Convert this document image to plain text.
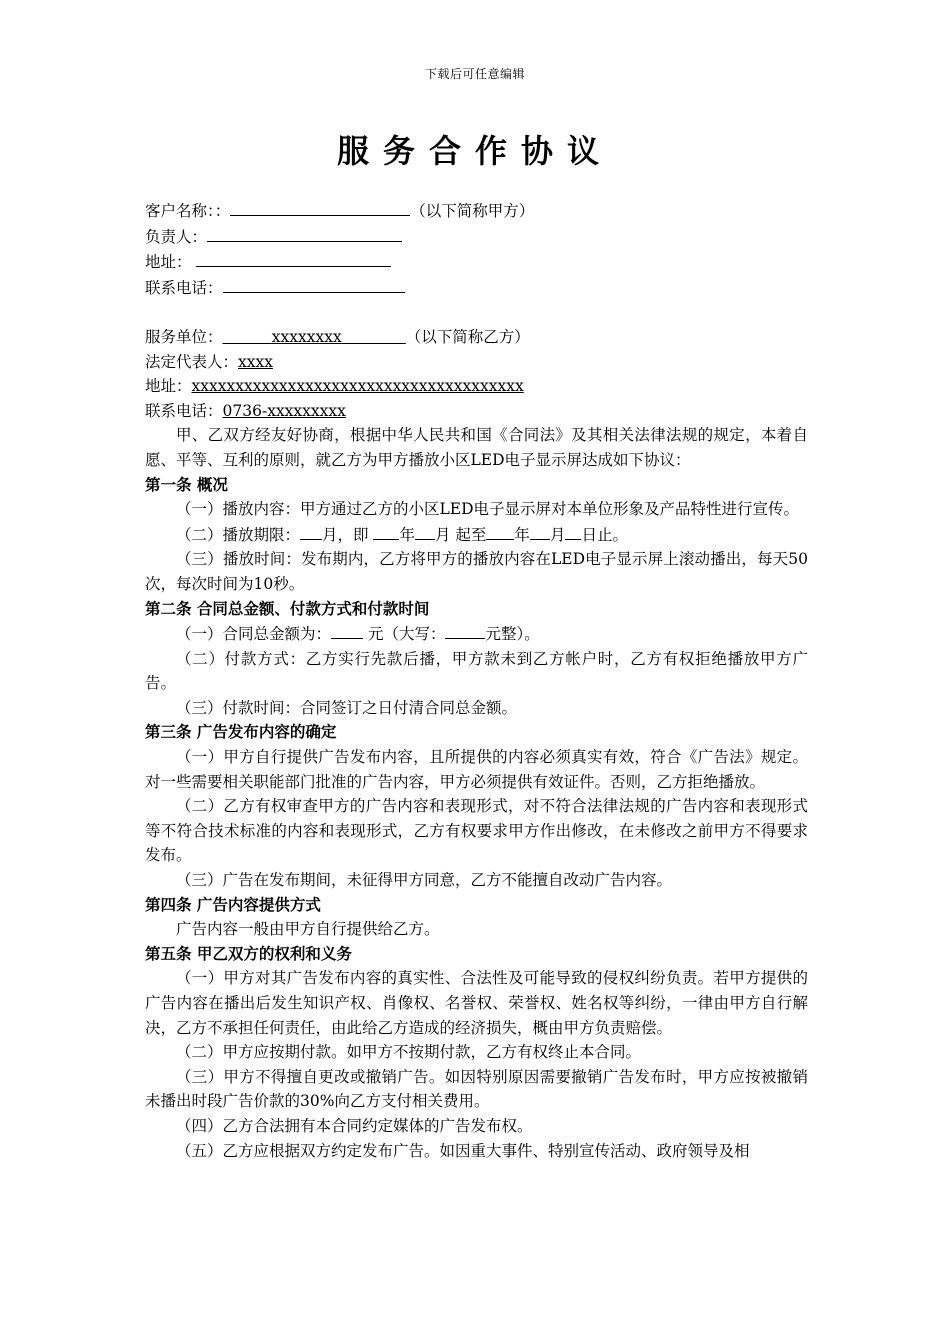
下载后可任意编辑
服务合作协议
客户名称：：	（以下简称甲方）
负责人：
地址：
联系电话：
服务单位：	xxxxxxxx	（以下简称乙方）
法定代表人：xxxx
地址：xxxxxxxxxxxxxxxxxxxxxxxxxxxxxxxxxxxxxx
联系电话：0736-xxxxxxxxx
甲、乙双方经友好协商，根据中华人民共和国《合同法》及其相关法律法规的规定，本着自愿、平等、互利的原则，就乙方为甲方播放小区LED电子显示屏达成如下协议：
第一条 概况
（一）播放内容：甲方通过乙方的小区LED电子显示屏对本单位形象及产品特性进行宣传。
（二）播放期限： 月，即 年 月 起至 年 月 日止。
（三）播放时间：发布期内，乙方将甲方的播放内容在LED电子显示屏上滚动播出，每天50次，每次时间为10秒。
第二条 合同总金额、付款方式和付款时间
（一）合同总金额为： 元（大写：	元整）。
（二）付款方式：乙方实行先款后播，甲方款未到乙方帐户时，乙方有权拒绝播放甲方广告。
（三）付款时间：合同签订之日付清合同总金额。
第三条 广告发布内容的确定
（一）甲方自行提供广告发布内容，且所提供的内容必须真实有效，符合《广告法》规定。对一些需要相关职能部门批准的广告内容，甲方必须提供有效证件。否则，乙方拒绝播放。
（二）乙方有权审查甲方的广告内容和表现形式，对不符合法律法规的广告内容和表现形式等不符合技术标准的内容和表现形式，乙方有权要求甲方作出修改，在未修改之前甲方不得要求发布。
（三）广告在发布期间，未征得甲方同意，乙方不能擅自改动广告内容。
第四条 广告内容提供方式
广告内容一般由甲方自行提供给乙方。
第五条 甲乙双方的权利和义务
（一）甲方对其广告发布内容的真实性、合法性及可能导致的侵权纠纷负责。若甲方提供的广告内容在播出后发生知识产权、肖像权、名誉权、荣誉权、姓名权等纠纷，一律由甲方自行解决，乙方不承担任何责任，由此给乙方造成的经济损失，概由甲方负责赔偿。
（二）甲方应按期付款。如甲方不按期付款，乙方有权终止本合同。
（三）甲方不得擅自更改或撤销广告。如因特别原因需要撤销广告发布时，甲方应按被撤销未播出时段广告价款的30%向乙方支付相关费用。
（四）乙方合法拥有本合同约定媒体的广告发布权。
（五）乙方应根据双方约定发布广告。如因重大事件、特别宣传活动、政府领导及相
